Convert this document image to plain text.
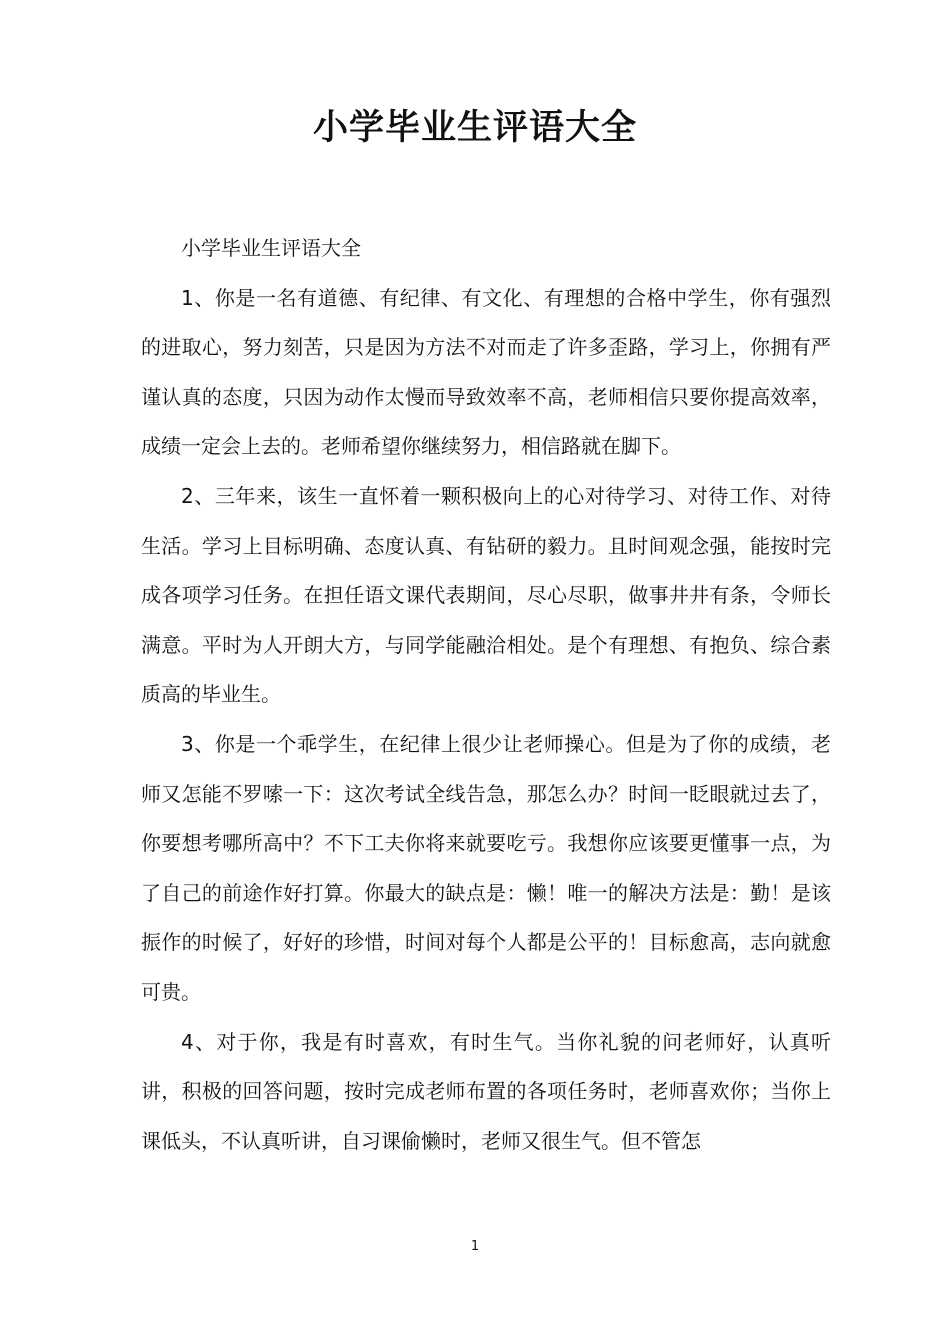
小学毕业生评语大全

小学毕业生评语大全

1、你是一名有道德、有纪律、有文化、有理想的合格中学生，你有强烈的进取心，努力刻苦，只是因为方法不对而走了许多歪路，学习上，你拥有严谨认真的态度，只因为动作太慢而导致效率不高，老师相信只要你提高效率，成绩一定会上去的。老师希望你继续努力，相信路就在脚下。

2、三年来，该生一直怀着一颗积极向上的心对待学习、对待工作、对待生活。学习上目标明确、态度认真、有钻研的毅力。且时间观念强，能按时完成各项学习任务。在担任语文课代表期间，尽心尽职，做事井井有条，令师长满意。平时为人开朗大方，与同学能融洽相处。是个有理想、有抱负、综合素质高的毕业生。

3、你是一个乖学生，在纪律上很少让老师操心。但是为了你的成绩，老师又怎能不罗嗦一下：这次考试全线告急，那怎么办？时间一眨眼就过去了，你要想考哪所高中？不下工夫你将来就要吃亏。我想你应该要更懂事一点，为了自己的前途作好打算。你最大的缺点是：懒！唯一的解决方法是：勤！是该振作的时候了，好好的珍惜，时间对每个人都是公平的！目标愈高，志向就愈可贵。

4、对于你，我是有时喜欢，有时生气。当你礼貌的问老师好，认真听讲，积极的回答问题，按时完成老师布置的各项任务时，老师喜欢你；当你上课低头，不认真听讲，自习课偷懒时，老师又很生气。但不管怎

1
